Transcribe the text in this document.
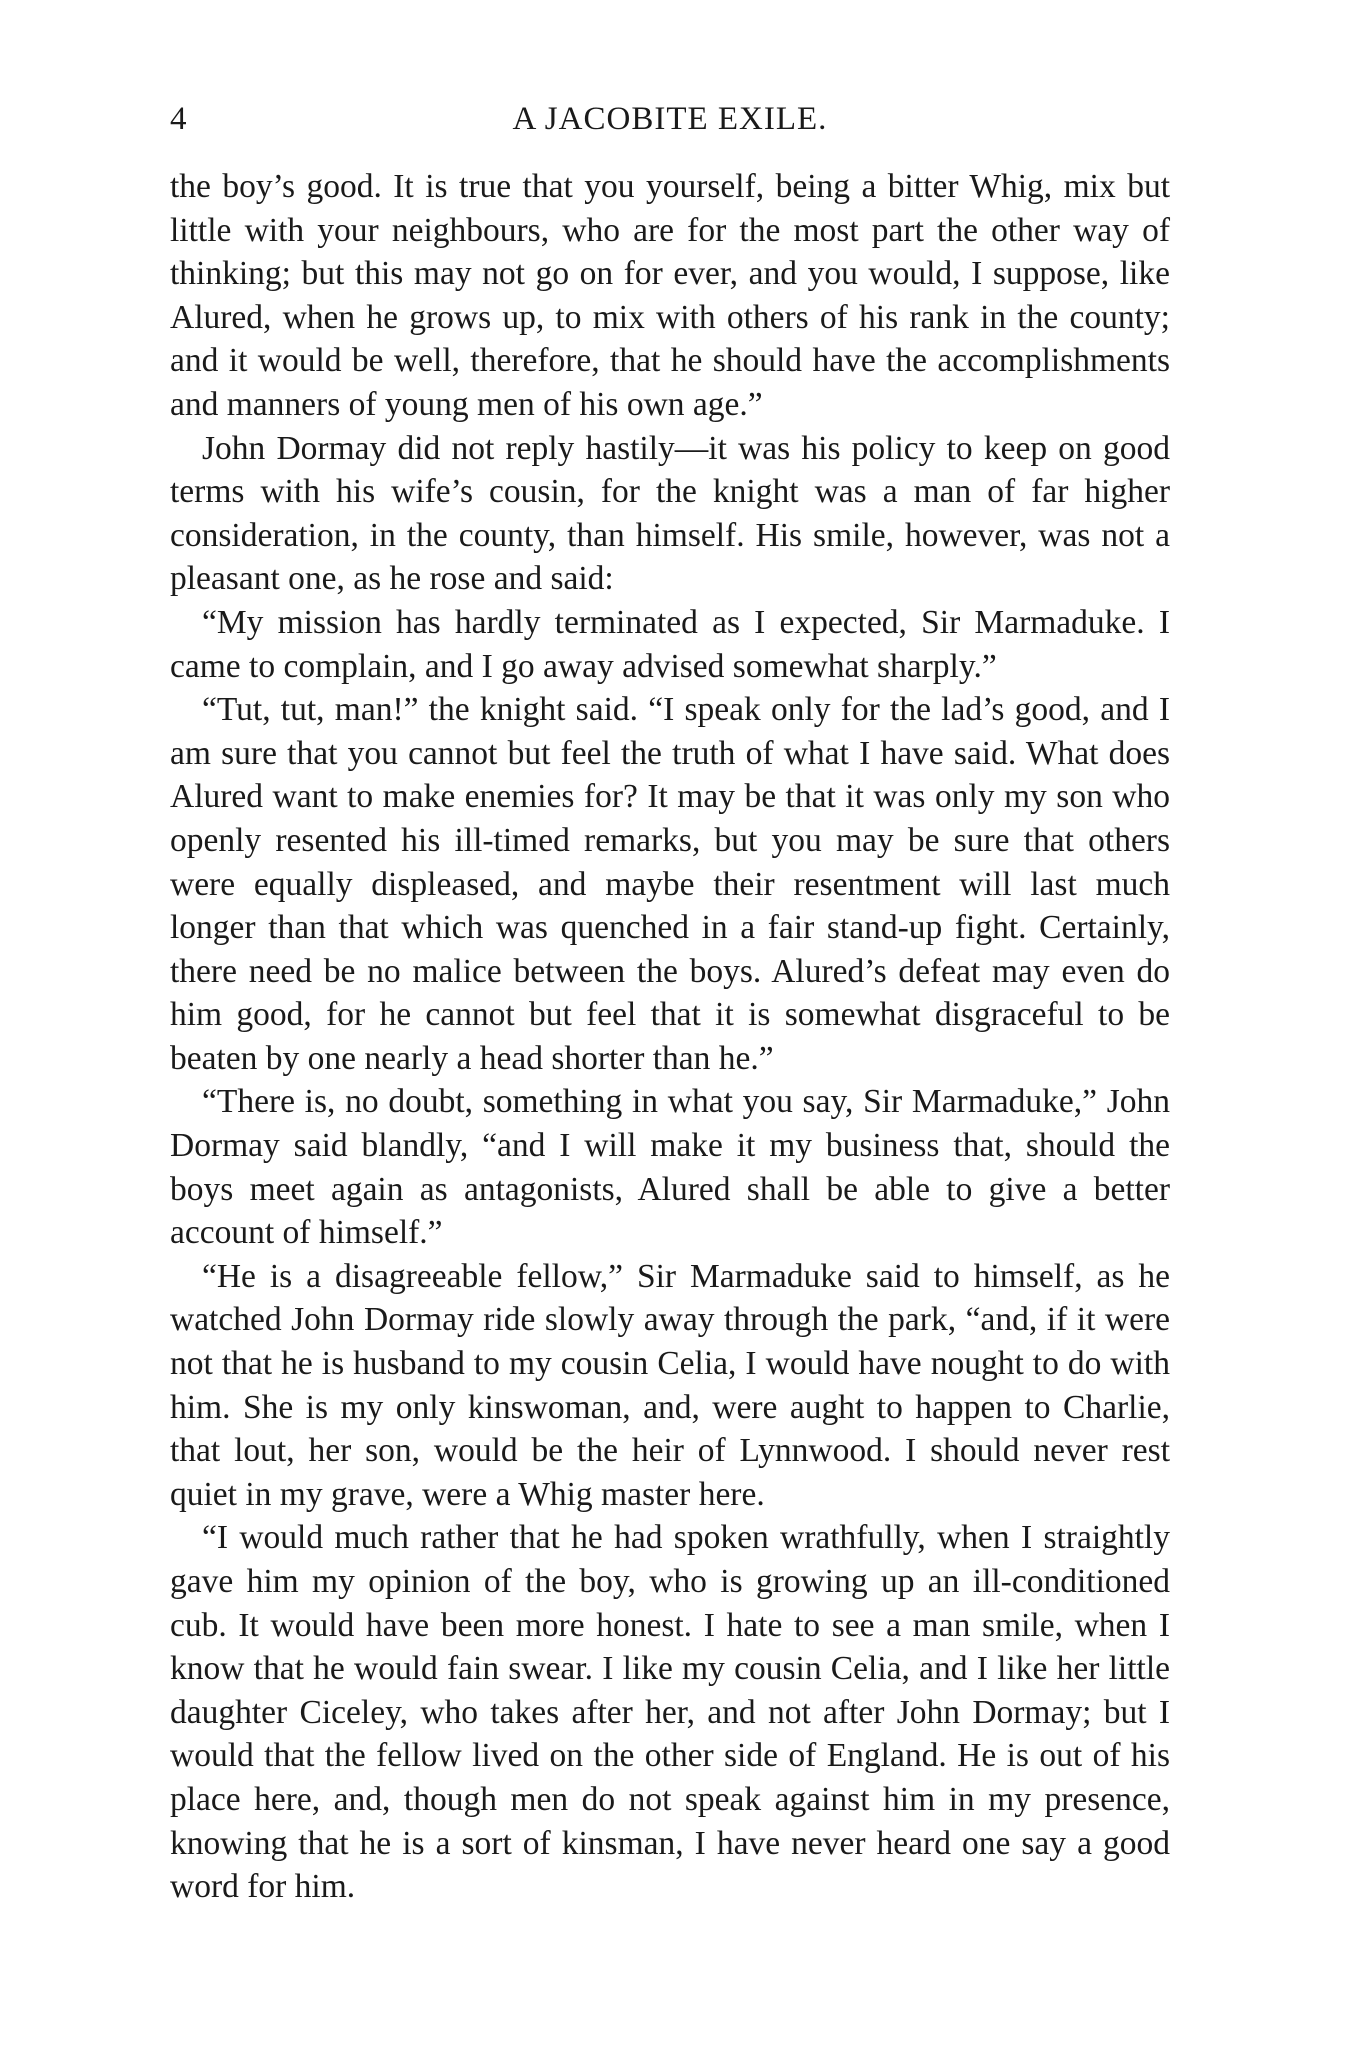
4	A JACOBITE EXILE.

the boy’s good. It is true that you yourself, being a bitter Whig, mix but little with your neighbours, who are for the most part the other way of thinking; but this may not go on for ever, and you would, I suppose, like Alured, when he grows up, to mix with others of his rank in the county; and it would be well, therefore, that he should have the accomplishments and manners of young men of his own age.”

John Dormay did not reply hastily—it was his policy to keep on good terms with his wife’s cousin, for the knight was a man of far higher consideration, in the county, than himself. His smile, however, was not a pleasant one, as he rose and said:

“My mission has hardly terminated as I expected, Sir Marmaduke. I came to complain, and I go away advised somewhat sharply.”

“Tut, tut, man!” the knight said. “I speak only for the lad’s good, and I am sure that you cannot but feel the truth of what I have said. What does Alured want to make enemies for? It may be that it was only my son who openly resented his ill-timed remarks, but you may be sure that others were equally displeased, and maybe their resentment will last much longer than that which was quenched in a fair stand-up fight. Certainly, there need be no malice between the boys. Alured’s defeat may even do him good, for he cannot but feel that it is somewhat disgraceful to be beaten by one nearly a head shorter than he.”

“There is, no doubt, something in what you say, Sir Marmaduke,” John Dormay said blandly, “and I will make it my business that, should the boys meet again as antagonists, Alured shall be able to give a better account of himself.”

“He is a disagreeable fellow,” Sir Marmaduke said to himself, as he watched John Dormay ride slowly away through the park, “and, if it were not that he is husband to my cousin Celia, I would have nought to do with him. She is my only kinswoman, and, were aught to happen to Charlie, that lout, her son, would be the heir of Lynnwood. I should never rest quiet in my grave, were a Whig master here.

“I would much rather that he had spoken wrathfully, when I straightly gave him my opinion of the boy, who is growing up an ill-conditioned cub. It would have been more honest. I hate to see a man smile, when I know that he would fain swear. I like my cousin Celia, and I like her little daughter Ciceley, who takes after her, and not after John Dormay; but I would that the fellow lived on the other side of England. He is out of his place here, and, though men do not speak against him in my presence, knowing that he is a sort of kinsman, I have never heard one say a good word for him.
